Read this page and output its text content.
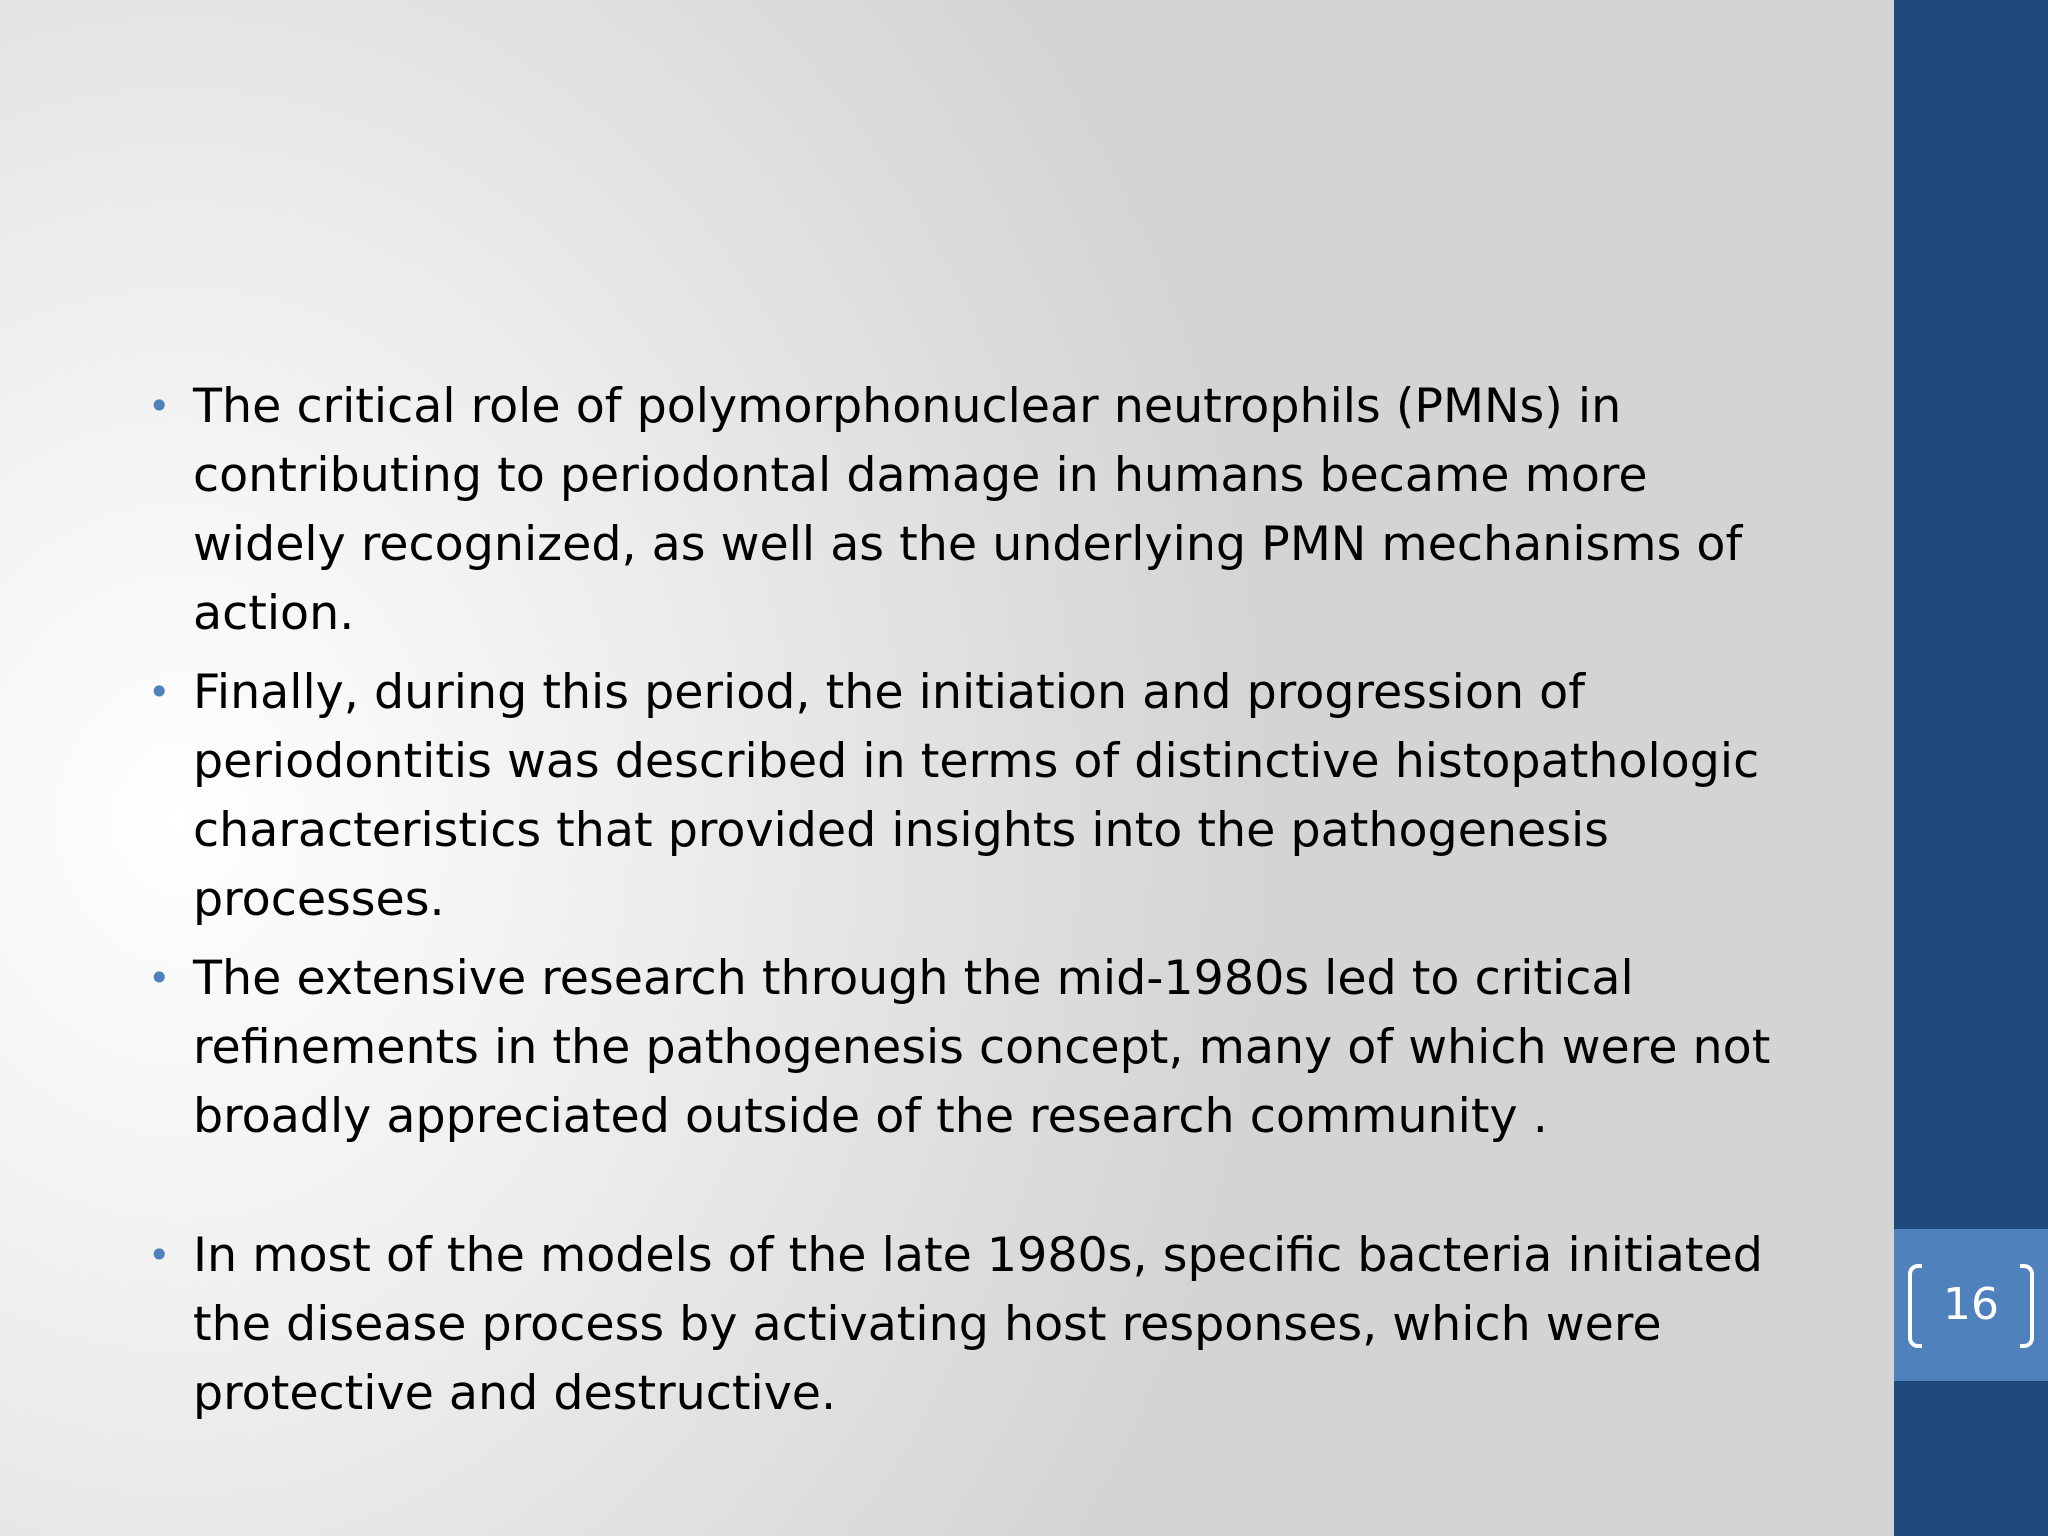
• The critical role of polymorphonuclear neutrophils (PMNs) in contributing to periodontal damage in humans became more widely recognized, as well as the underlying PMN mechanisms of action.
• Finally, during this period, the initiation and progression of periodontitis was described in terms of distinctive histopathologic characteristics that provided insights into the pathogenesis processes.
• The extensive research through the mid-1980s led to critical refinements in the pathogenesis concept, many of which were not broadly appreciated outside of the research community .
• In most of the models of the late 1980s, specific bacteria initiated the disease process by activating host responses, which were protective and destructive.
16
